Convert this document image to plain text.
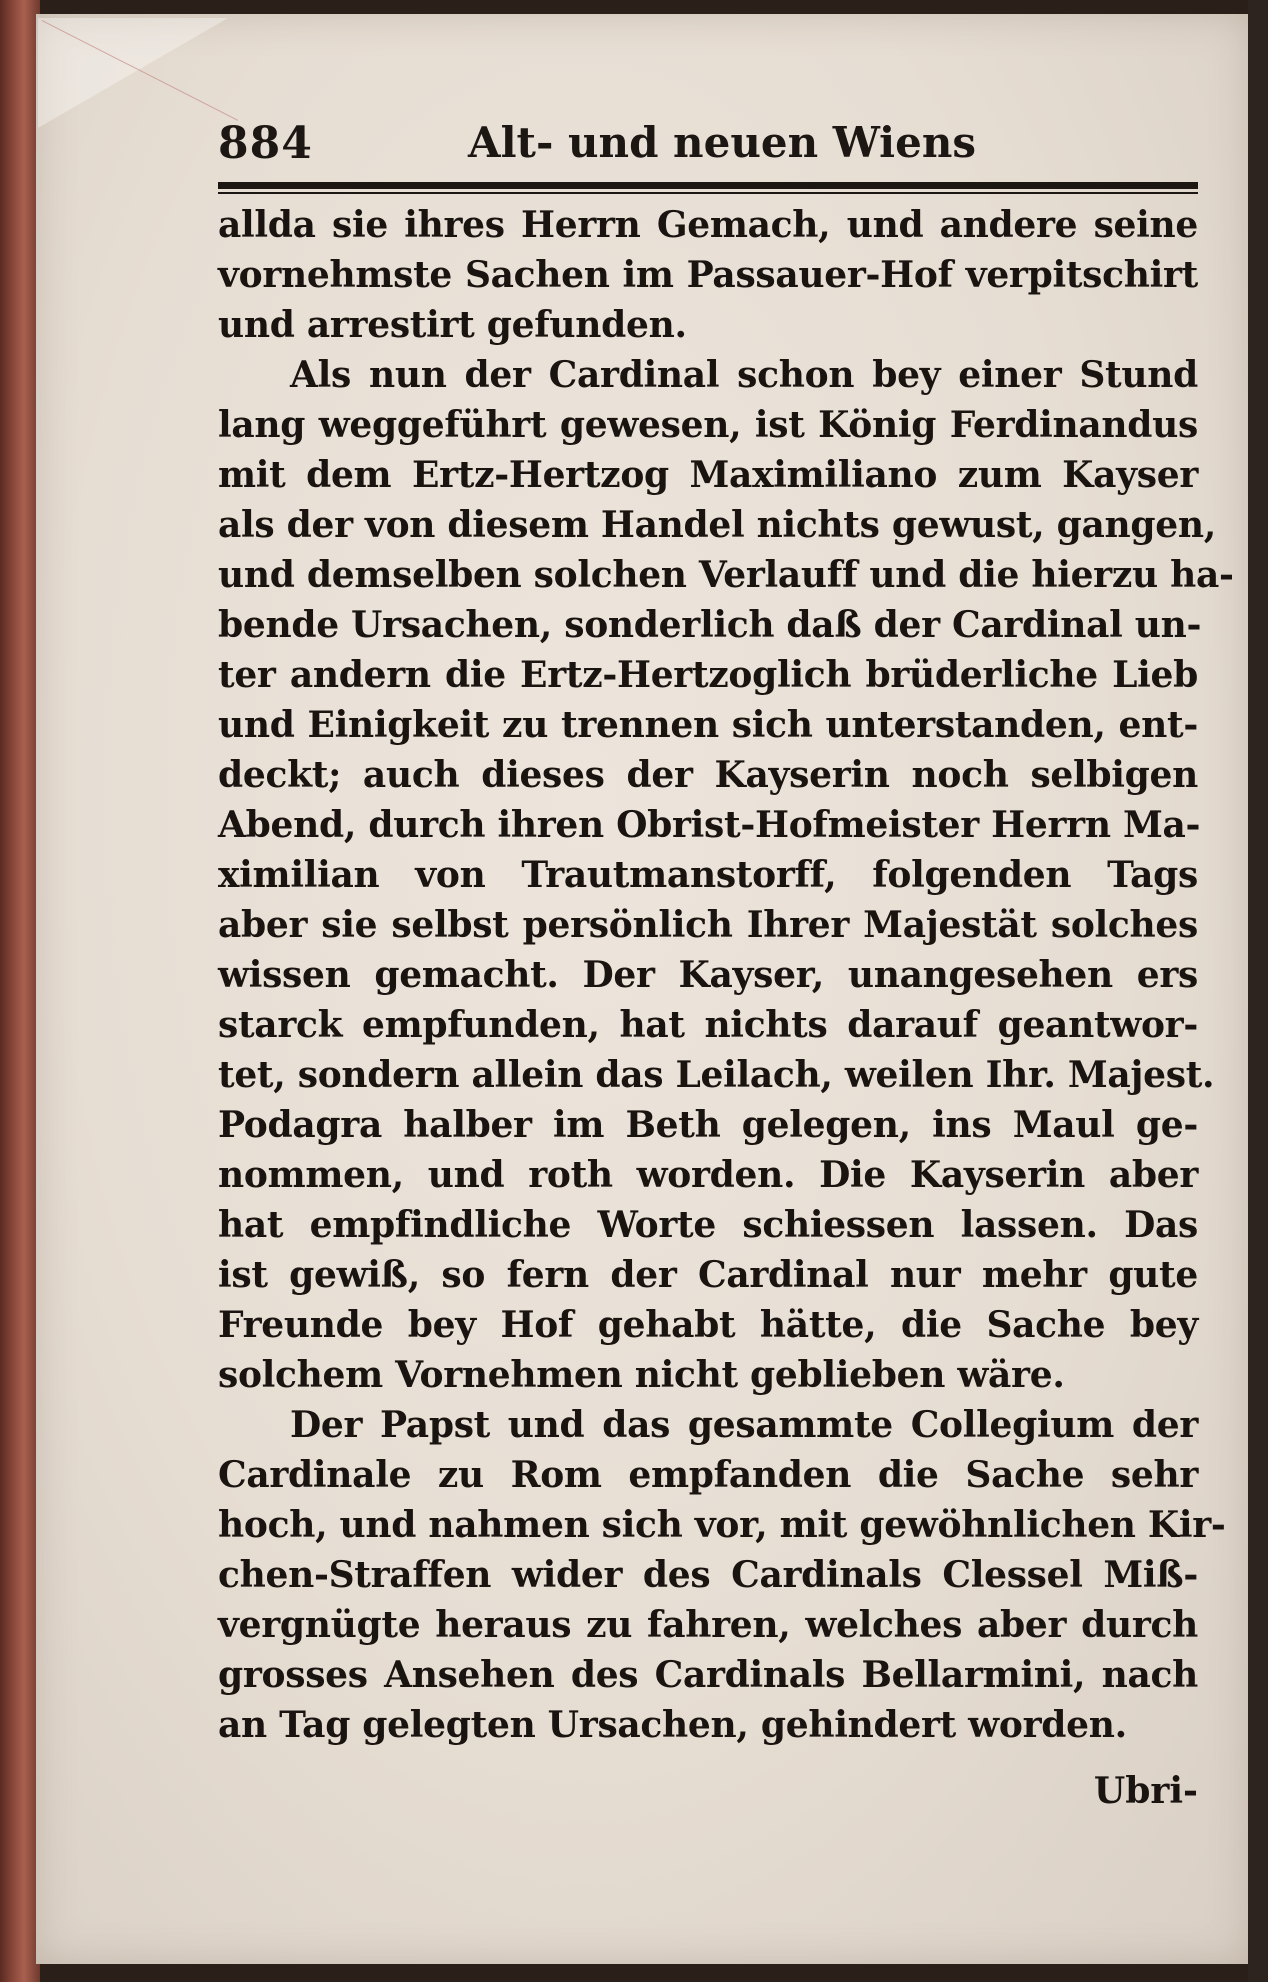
884	Alt- und neuen Wiens
allda sie ihres Herrn Gemach, und andere seine
vornehmste Sachen im Passauer-Hof verpitschirt
und arrestirt gefunden.
Als nun der Cardinal schon bey einer Stund
lang weggeführt gewesen, ist König Ferdinandus
mit dem Ertz-Hertzog Maximiliano zum Kayser
als der von diesem Handel nichts gewust, gangen,
und demselben solchen Verlauff und die hierzu ha-
bende Ursachen, sonderlich daß der Cardinal un-
ter andern die Ertz-Hertzoglich brüderliche Lieb
und Einigkeit zu trennen sich unterstanden, ent-
deckt; auch dieses der Kayserin noch selbigen
Abend, durch ihren Obrist-Hofmeister Herrn Ma-
ximilian von Trautmanstorff, folgenden Tags
aber sie selbst persönlich Ihrer Majestät solches
wissen gemacht. Der Kayser, unangesehen ers
starck empfunden, hat nichts darauf geantwor-
tet, sondern allein das Leilach, weilen Ihr. Majest.
Podagra halber im Beth gelegen, ins Maul ge-
nommen, und roth worden. Die Kayserin aber
hat empfindliche Worte schiessen lassen. Das
ist gewiß, so fern der Cardinal nur mehr gute
Freunde bey Hof gehabt hätte, die Sache bey
solchem Vornehmen nicht geblieben wäre.
Der Papst und das gesammte Collegium der
Cardinale zu Rom empfanden die Sache sehr
hoch, und nahmen sich vor, mit gewöhnlichen Kir-
chen-Straffen wider des Cardinals Clessel Miß-
vergnügte heraus zu fahren, welches aber durch
grosses Ansehen des Cardinals Bellarmini, nach
an Tag gelegten Ursachen, gehindert worden.
Ubri-
